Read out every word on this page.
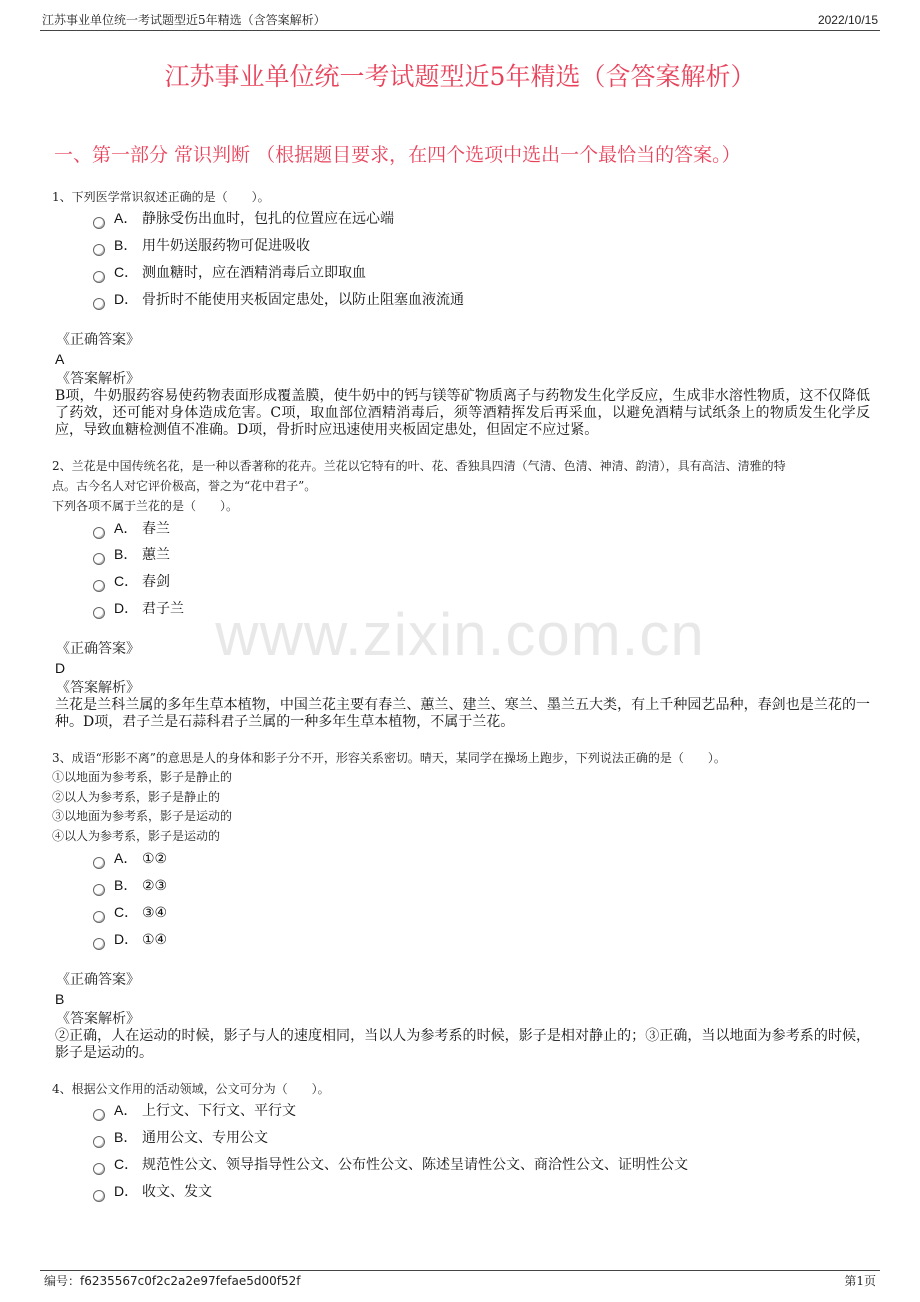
江苏事业单位统一考试题型近5年精选（含答案解析）	2022/10/15
江苏事业单位统一考试题型近5年精选（含答案解析）
一、第一部分 常识判断 （根据题目要求，在四个选项中选出一个最恰当的答案。）
www.zixin.com.cn
1、下列医学常识叙述正确的是（　　）。
A． 静脉受伤出血时，包扎的位置应在远心端
B． 用牛奶送服药物可促进吸收
C． 测血糖时，应在酒精消毒后立即取血
D． 骨折时不能使用夹板固定患处，以防止阻塞血液流通
《正确答案》
A
《答案解析》
B项，牛奶服药容易使药物表面形成覆盖膜，使牛奶中的钙与镁等矿物质离子与药物发生化学反应，生成非水溶性物质，这不仅降低了药效，还可能对身体造成危害。C项，取血部位酒精消毒后，须等酒精挥发后再采血，以避免酒精与试纸条上的物质发生化学反应，导致血糖检测值不准确。D项，骨折时应迅速使用夹板固定患处，但固定不应过紧。
2、兰花是中国传统名花，是一种以香著称的花卉。兰花以它特有的叶、花、香独具四清（气清、色清、神清、韵清），具有高洁、清雅的特
点。古今名人对它评价极高，誉之为“花中君子”。
下列各项不属于兰花的是（　　）。
A． 春兰
B． 蕙兰
C． 春剑
D． 君子兰
《正确答案》
D
《答案解析》
兰花是兰科兰属的多年生草本植物，中国兰花主要有春兰、蕙兰、建兰、寒兰、墨兰五大类，有上千种园艺品种，春剑也是兰花的一种。D项，君子兰是石蒜科君子兰属的一种多年生草本植物，不属于兰花。
3、成语“形影不离”的意思是人的身体和影子分不开，形容关系密切。晴天，某同学在操场上跑步，下列说法正确的是（　　）。
①以地面为参考系，影子是静止的
②以人为参考系，影子是静止的
③以地面为参考系，影子是运动的
④以人为参考系，影子是运动的
A． ①②
B． ②③
C． ③④
D． ①④
《正确答案》
B
《答案解析》
②正确，人在运动的时候，影子与人的速度相同，当以人为参考系的时候，影子是相对静止的；③正确，当以地面为参考系的时候，影子是运动的。
4、根据公文作用的活动领域，公文可分为（　　）。
A． 上行文、下行文、平行文
B． 通用公文、专用公文
C． 规范性公文、领导指导性公文、公布性公文、陈述呈请性公文、商洽性公文、证明性公文
D． 收文、发文
编号：f6235567c0f2c2a2e97fefae5d00f52f	第1页
